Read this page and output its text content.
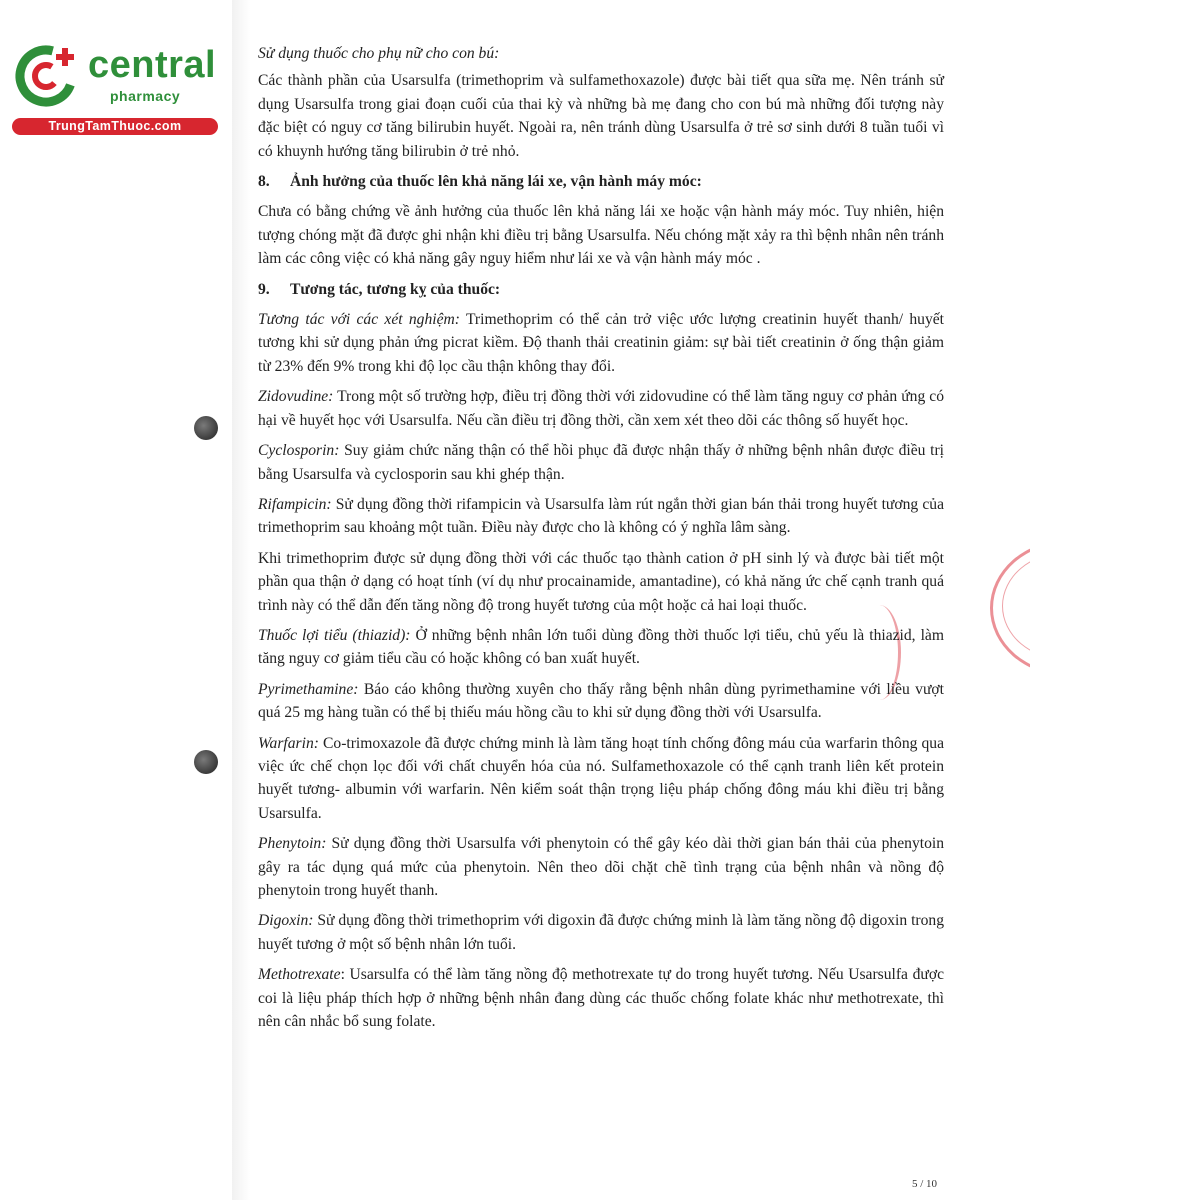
central
pharmacy
TrungTamThuoc.com

Sử dụng thuốc cho phụ nữ cho con bú:

Các thành phần của Usarsulfa (trimethoprim và sulfamethoxazole) được bài tiết qua sữa mẹ. Nên tránh sử dụng Usarsulfa trong giai đoạn cuối của thai kỳ và những bà mẹ đang cho con bú mà những đối tượng này đặc biệt có nguy cơ tăng bilirubin huyết. Ngoài ra, nên tránh dùng Usarsulfa ở trẻ sơ sinh dưới 8 tuần tuổi vì có khuynh hướng tăng bilirubin ở trẻ nhỏ.

8. Ảnh hưởng của thuốc lên khả năng lái xe, vận hành máy móc:

Chưa có bằng chứng về ảnh hưởng của thuốc lên khả năng lái xe hoặc vận hành máy móc. Tuy nhiên, hiện tượng chóng mặt đã được ghi nhận khi điều trị bằng Usarsulfa. Nếu chóng mặt xảy ra thì bệnh nhân nên tránh làm các công việc có khả năng gây nguy hiểm như lái xe và vận hành máy móc .

9. Tương tác, tương kỵ của thuốc:

Tương tác với các xét nghiệm: Trimethoprim có thể cản trở việc ước lượng creatinin huyết thanh/ huyết tương khi sử dụng phản ứng picrat kiềm. Độ thanh thải creatinin giảm: sự bài tiết creatinin ở ống thận giảm từ 23% đến 9% trong khi độ lọc cầu thận không thay đổi.

Zidovudine: Trong một số trường hợp, điều trị đồng thời với zidovudine có thể làm tăng nguy cơ phản ứng có hại về huyết học với Usarsulfa. Nếu cần điều trị đồng thời, cần xem xét theo dõi các thông số huyết học.

Cyclosporin: Suy giảm chức năng thận có thể hồi phục đã được nhận thấy ở những bệnh nhân được điều trị bằng Usarsulfa và cyclosporin sau khi ghép thận.

Rifampicin: Sử dụng đồng thời rifampicin và Usarsulfa làm rút ngắn thời gian bán thải trong huyết tương của trimethoprim sau khoảng một tuần. Điều này được cho là không có ý nghĩa lâm sàng.

Khi trimethoprim được sử dụng đồng thời với các thuốc tạo thành cation ở pH sinh lý và được bài tiết một phần qua thận ở dạng có hoạt tính (ví dụ như procainamide, amantadine), có khả năng ức chế cạnh tranh quá trình này có thể dẫn đến tăng nồng độ trong huyết tương của một hoặc cả hai loại thuốc.

Thuốc lợi tiểu (thiazid): Ở những bệnh nhân lớn tuổi dùng đồng thời thuốc lợi tiểu, chủ yếu là thiazid, làm tăng nguy cơ giảm tiểu cầu có hoặc không có ban xuất huyết.

Pyrimethamine: Báo cáo không thường xuyên cho thấy rằng bệnh nhân dùng pyrimethamine với liều vượt quá 25 mg hàng tuần có thể bị thiếu máu hồng cầu to khi sử dụng đồng thời với Usarsulfa.

Warfarin: Co-trimoxazole đã được chứng minh là làm tăng hoạt tính chống đông máu của warfarin thông qua việc ức chế chọn lọc đối với chất chuyển hóa của nó. Sulfamethoxazole có thể cạnh tranh liên kết protein huyết tương- albumin với warfarin. Nên kiểm soát thận trọng liệu pháp chống đông máu khi điều trị bằng Usarsulfa.

Phenytoin: Sử dụng đồng thời Usarsulfa với phenytoin có thể gây kéo dài thời gian bán thải của phenytoin gây ra tác dụng quá mức của phenytoin. Nên theo dõi chặt chẽ tình trạng của bệnh nhân và nồng độ phenytoin trong huyết thanh.

Digoxin: Sử dụng đồng thời trimethoprim với digoxin đã được chứng minh là làm tăng nồng độ digoxin trong huyết tương ở một số bệnh nhân lớn tuổi.

Methotrexate: Usarsulfa có thể làm tăng nồng độ methotrexate tự do trong huyết tương. Nếu Usarsulfa được coi là liệu pháp thích hợp ở những bệnh nhân đang dùng các thuốc chống folate khác như methotrexate, thì nên cân nhắc bổ sung folate.

5 / 10
